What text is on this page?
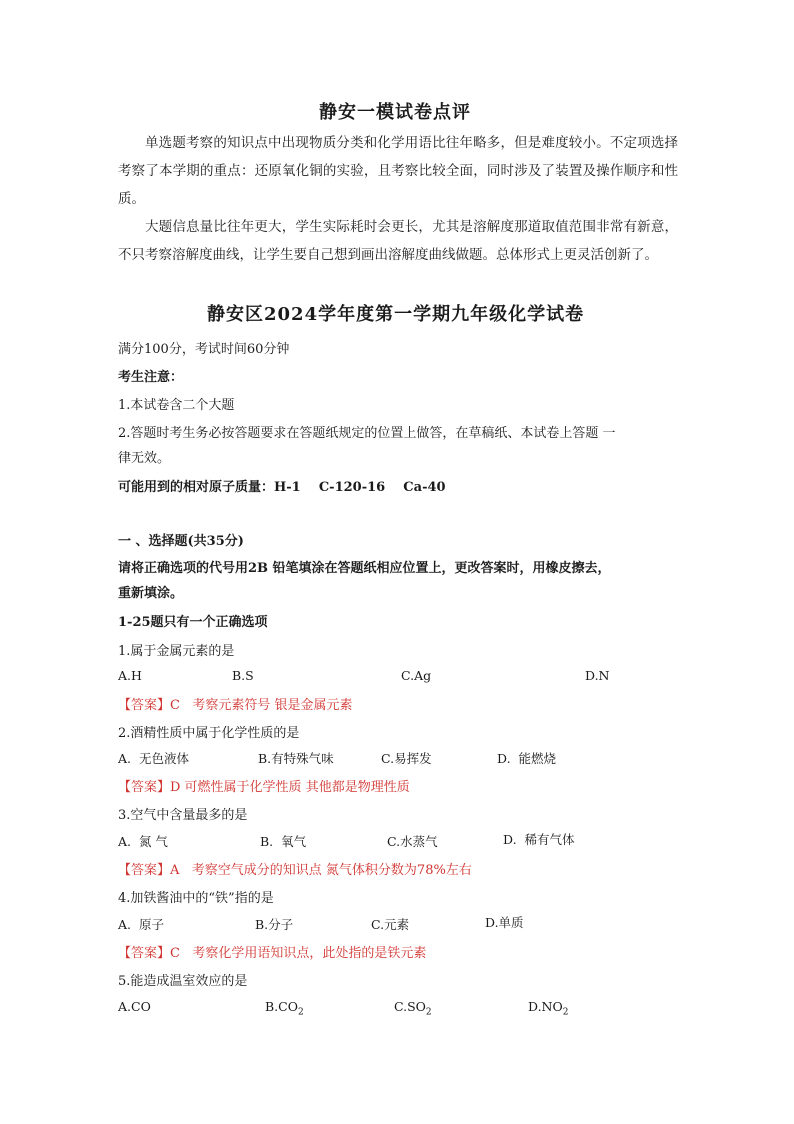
静安一模试卷点评

单选题考察的知识点中出现物质分类和化学用语比往年略多，但是难度较小。不定项选择考察了本学期的重点：还原氧化铜的实验，且考察比较全面，同时涉及了装置及操作顺序和性质。

大题信息量比往年更大，学生实际耗时会更长，尤其是溶解度那道取值范围非常有新意，不只考察溶解度曲线，让学生要自己想到画出溶解度曲线做题。总体形式上更灵活创新了。

静安区2024学年度第一学期九年级化学试卷
满分100分，考试时间60分钟
考生注意：
1.本试卷含二个大题
2.答题时考生务必按答题要求在答题纸规定的位置上做答，在草稿纸、本试卷上答题 一
律无效。
可能用到的相对原子质量：H-1    C-120-16    Ca-40
一 、选择题(共35分)
请将正确选项的代号用2B 铅笔填涂在答题纸相应位置上，更改答案时，用橡皮擦去，
重新填涂。
1-25题只有一个正确选项
1.属于金属元素的是
A.H	B.S	C.Ag	D.N
【答案】C   考察元素符号 银是金属元素
2.酒精性质中属于化学性质的是
A.  无色液体	B.有特殊气味	C.易挥发	D.  能燃烧
【答案】D 可燃性属于化学性质 其他都是物理性质
3.空气中含量最多的是
A.  氮 气	B.  氧气	C.水蒸气	D.  稀有气体
【答案】A   考察空气成分的知识点 氮气体积分数为78%左右
4.加铁酱油中的“铁”指的是
A.  原子	B.分子	C.元素	D.单质
【答案】C   考察化学用语知识点，此处指的是铁元素
5.能造成温室效应的是
A.CO	$B.CO_2$	$C.SO_2$	$D.NO_2$
